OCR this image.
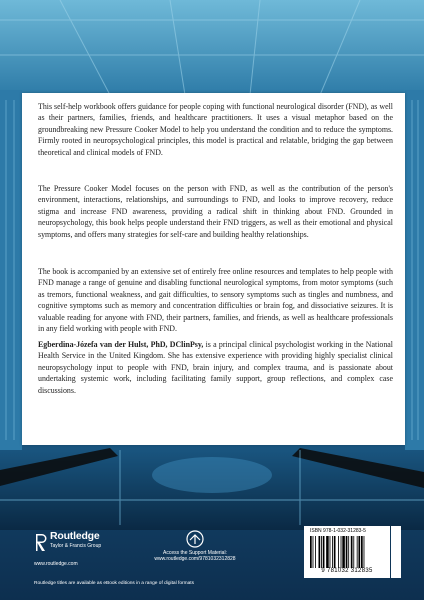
This self-help workbook offers guidance for people coping with functional neurological disorder (FND), as well as their partners, families, friends, and healthcare practitioners. It uses a visual metaphor based on the groundbreaking new Pressure Cooker Model to help you understand the condition and to reduce the symptoms. Firmly rooted in neuropsychological principles, this model is practical and relatable, bridging the gap between theoretical and clinical models of FND.

The Pressure Cooker Model focuses on the person with FND, as well as the contribution of the person's environment, interactions, relationships, and surroundings to FND, and looks to improve recovery, reduce stigma and increase FND awareness, providing a radical shift in thinking about FND. Grounded in neuropsychology, this book helps people understand their FND triggers, as well as their emotional and physical symptoms, and offers many strategies for self-care and building healthy relationships.

The book is accompanied by an extensive set of entirely free online resources and templates to help people with FND manage a range of genuine and disabling functional neurological symptoms, from motor symptoms (such as tremors, functional weakness, and gait difficulties, to sensory symptoms such as tingles and numbness, and cognitive symptoms such as memory and concentration difficulties or brain fog, and dissociative seizures. It is valuable reading for anyone with FND, their partners, families, and friends, as well as healthcare professionals in any field working with people with FND.

Egberdina-Józefa van der Hulst, PhD, DClinPsy, is a principal clinical psychologist working in the National Health Service in the United Kingdom. She has extensive experience with providing highly specialist clinical neuropsychology input to people with FND, brain injury, and complex trauma, and is passionate about undertaking systemic work, including facilitating family support, group reflections, and complex case discussions.

Routledge
Taylor & Francis Group
www.routledge.com
Access the Support Material:
www.routledge.com/9781032312828
Routledge titles are available as eBook editions in a range of digital formats
ISBN 978-1-032-31283-5
9 781032 312835
